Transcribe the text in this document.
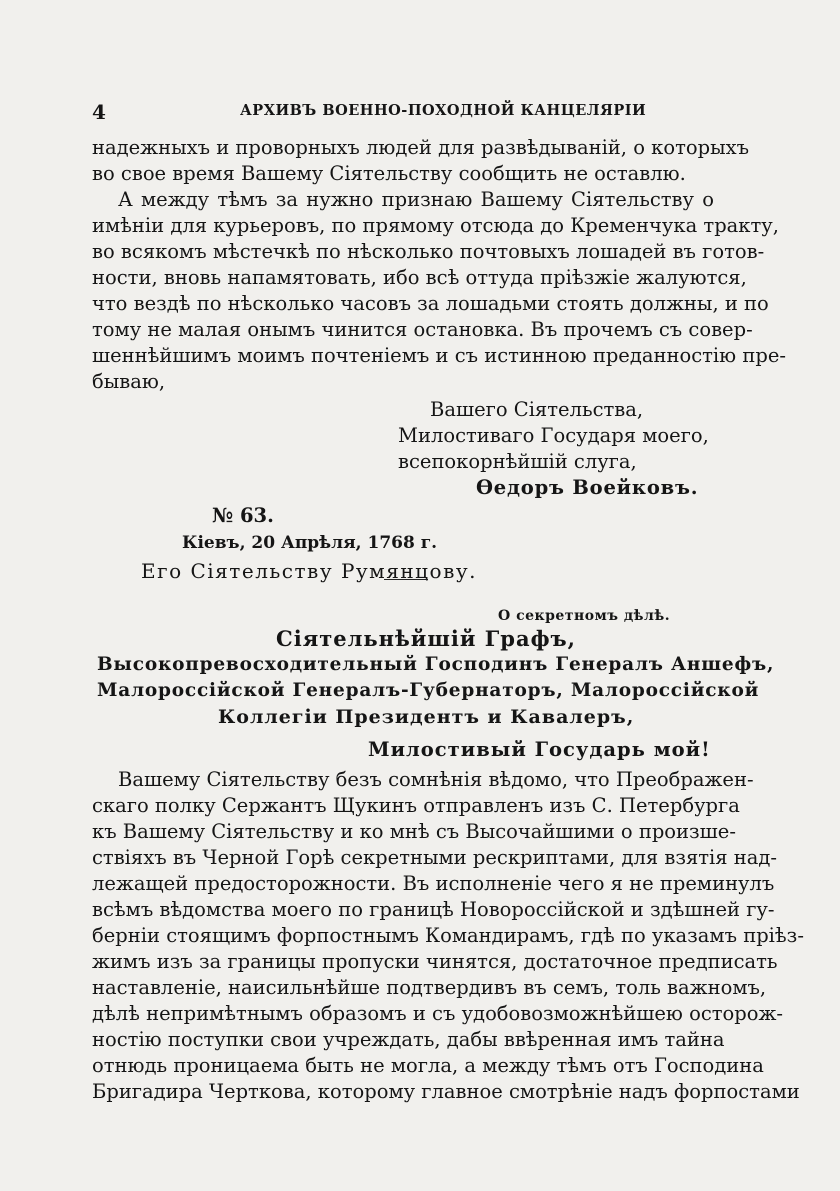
4	АРХИВЪ ВОЕННО-ПОХОДНОЙ КАНЦЕЛЯРІИ
надежныхъ и проворныхъ людей для развѣдыванiй, о которыхъ
во свое время Вашему Сiятельству сообщить не оставлю.
А между тѣмъ за нужно признаю Вашему Сiятельству о
имѣнiи для курьеровъ, по прямому отсюда до Кременчука тракту,
во всякомъ мѣстечкѣ по нѣсколько почтовыхъ лошадей въ готов-
ности, вновь напамятовать, ибо всѣ оттуда прiѣзжiе жалуются,
что вездѣ по нѣсколько часовъ за лошадьми стоять должны, и по
тому не малая онымъ чинится остановка. Въ прочемъ съ совер-
шеннѣйшимъ моимъ почтенiемъ и съ истинною преданностiю пре-
бываю,
Вашего Сiятельства,
Милостиваго Государя моего,
всепокорнѣйшiй слуга,
Ѳедоръ Воейковъ.
№ 63.
Кiевъ, 20 Апрѣля, 1768 г.
Его Сiятельству Румянцову.
О секретномъ дѣлѣ.
Сiятельнѣйшiй Графъ,
Высокопревосходительный Господинъ Генералъ Аншефъ,
Малороссiйской Генералъ-Губернаторъ, Малороссiйской
Коллегiи Президентъ и Кавалеръ,
Милостивый Государь мой!
Вашему Сiятельству безъ сомнѣнiя вѣдомо, что Преображен-
скаго полку Сержантъ Щукинъ отправленъ изъ С. Петербурга
къ Вашему Сiятельству и ко мнѣ съ Высочайшими о произше-
ствiяхъ въ Черной Горѣ секретными рескриптами, для взятiя над-
лежащей предосторожности. Въ исполненiе чего я не преминулъ
всѣмъ вѣдомства моего по границѣ Новороссiйской и здѣшней гу-
бернiи стоящимъ форпостнымъ Командирамъ, гдѣ по указамъ прiѣз-
жимъ изъ за границы пропуски чинятся, достаточное предписать
наставленiе, наисильнѣйше подтвердивъ въ семъ, толь важномъ,
дѣлѣ непримѣтнымъ образомъ и съ удобовозможнѣйшею осторож-
ностiю поступки свои учреждать, дабы ввѣренная имъ тайна
отнюдь проницаема быть не могла, а между тѣмъ отъ Господина
Бригадира Черткова, которому главное смотрѣнiе надъ форпостами
